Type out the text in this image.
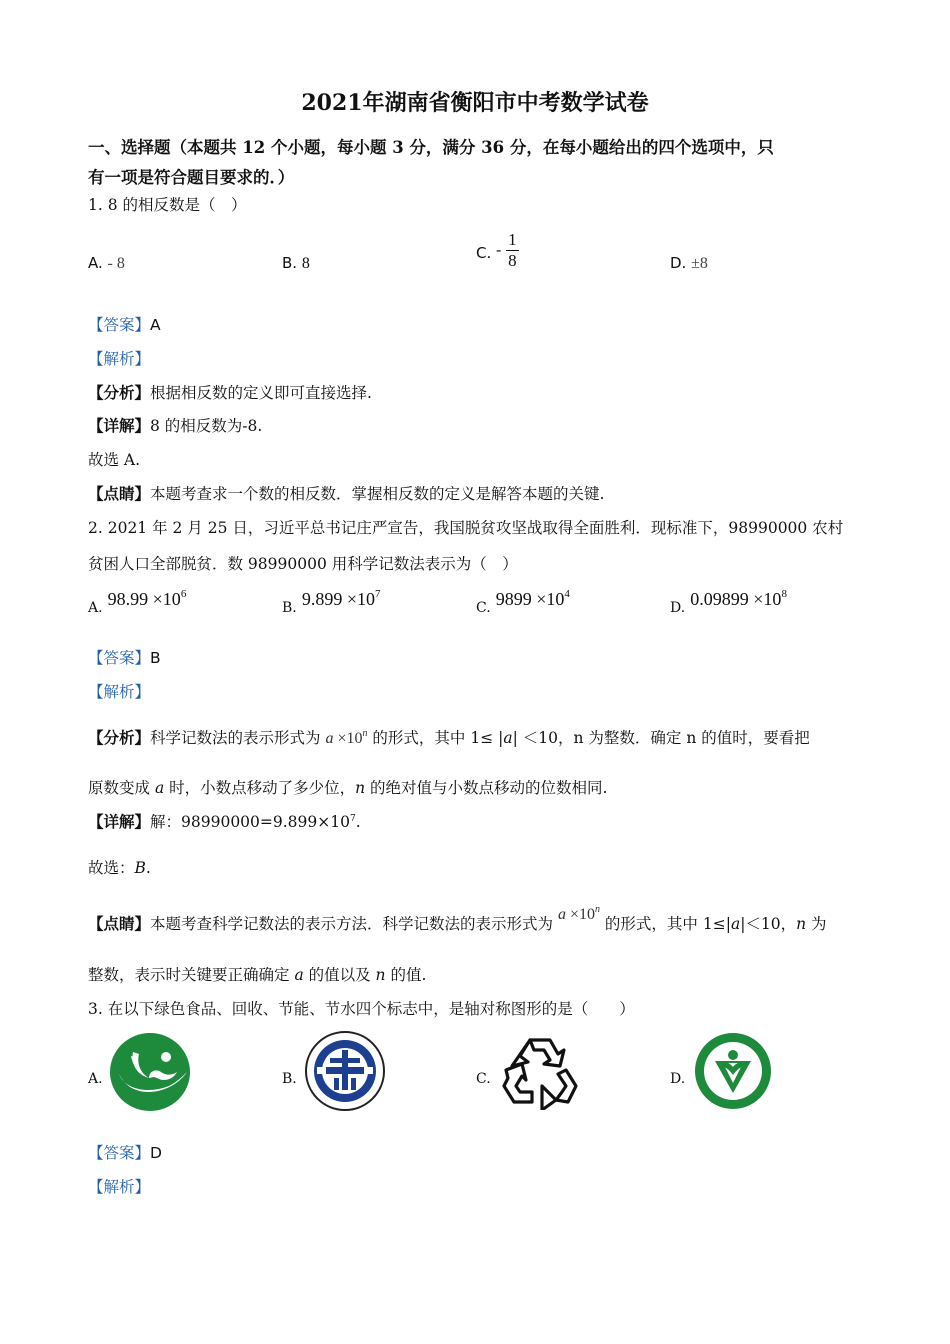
2021年湖南省衡阳市中考数学试卷
一、选择题（本题共 12 个小题，每小题 3 分，满分 36 分，在每小题给出的四个选项中，只
有一项是符合题目要求的．）
1. 8 的相反数是（　）
A. - 8	B. 8
C. - $\frac{1}{8}$	D. ±8
【答案】A
【解析】
【分析】根据相反数的定义即可直接选择.
【详解】8 的相反数为-8.
故选 A.
【点睛】本题考查求一个数的相反数．掌握相反数的定义是解答本题的关键.
2. 2021 年 2 月 25 日，习近平总书记庄严宣告，我国脱贫攻坚战取得全面胜利．现标准下，98990000 农村
贫困人口全部脱贫．数 98990000 用科学记数法表示为（　）
A. $98.99 \times 10^6$
B. $9.899 \times 10^7$
C. $9899 \times 10^4$
D. $0.09899 \times 10^8$
【答案】B
【解析】
【分析】科学记数法的表示形式为 $a \times 10^n$ 的形式，其中 1≤ |a| ＜10，n 为整数．确定 n 的值时，要看把
原数变成 a 时，小数点移动了多少位，n 的绝对值与小数点移动的位数相同.
【详解】解：$98990000=9.899\times 10^7$.
故选：B.
【点睛】本题考查科学记数法的表示方法．科学记数法的表示形式为 $a \times 10^n$ 的形式，其中 1≤|a|＜10，n 为
整数，表示时关键要正确确定 a 的值以及 n 的值.
3. 在以下绿色食品、回收、节能、节水四个标志中，是轴对称图形的是（　　）
A.	B.	C.	D.
【答案】D
【解析】
